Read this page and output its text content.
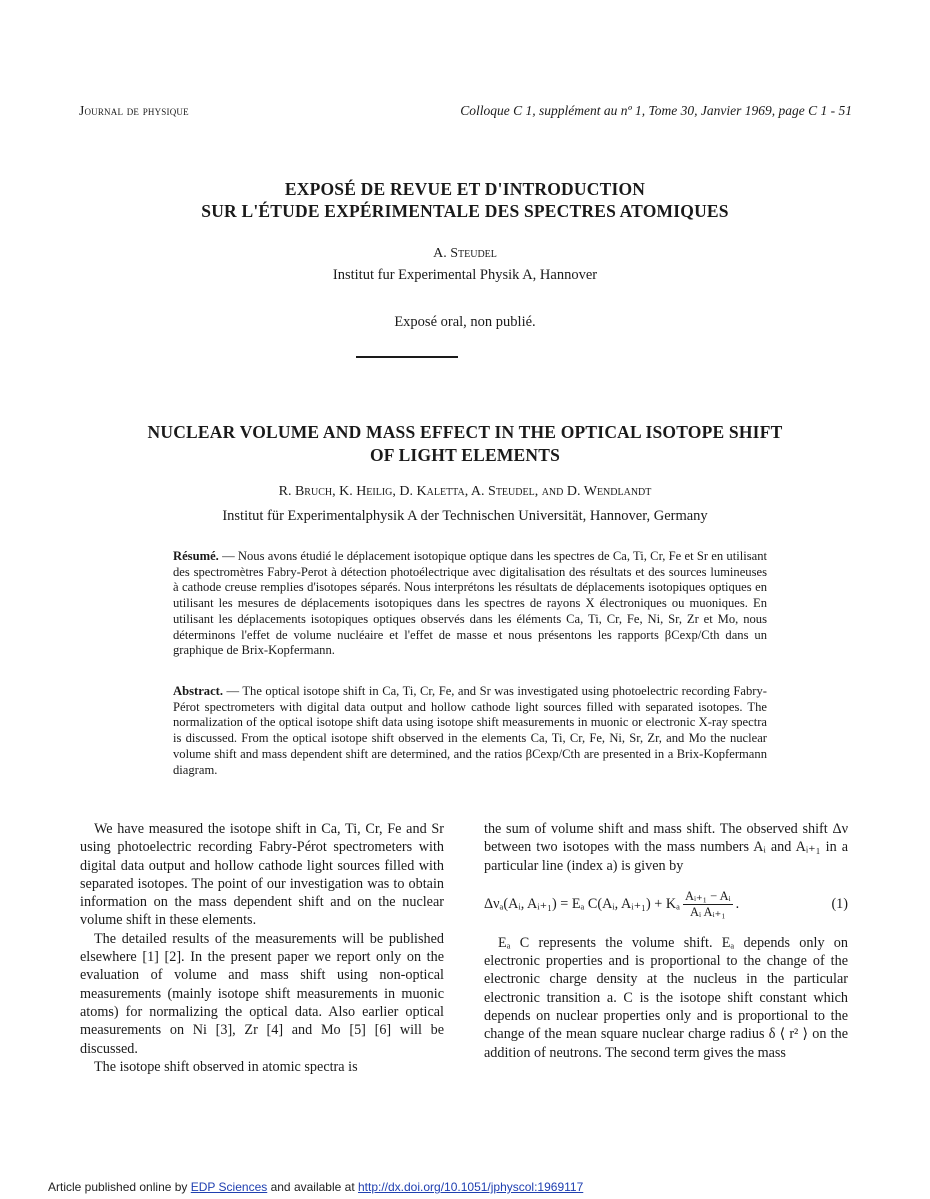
Journal de physique	Colloque C 1, supplément au nº 1, Tome 30, Janvier 1969, page C 1 - 51
EXPOSÉ DE REVUE ET D'INTRODUCTION
SUR L'ÉTUDE EXPÉRIMENTALE DES SPECTRES ATOMIQUES
A. Steudel
Institut fur Experimental Physik A, Hannover
Exposé oral, non publié.
NUCLEAR VOLUME AND MASS EFFECT IN THE OPTICAL ISOTOPE SHIFT
OF LIGHT ELEMENTS
R. Bruch, K. Heilig, D. Kaletta, A. Steudel, and D. Wendlandt
Institut für Experimentalphysik A der Technischen Universität, Hannover, Germany
Résumé. — Nous avons étudié le déplacement isotopique optique dans les spectres de Ca, Ti, Cr, Fe et Sr en utilisant des spectromètres Fabry-Perot à détection photoélectrique avec digitalisation des résultats et des sources lumineuses à cathode creuse remplies d'isotopes séparés. Nous interprétons les résultats de déplacements isotopiques optiques en utilisant les mesures de déplacements isotopiques dans les spectres de rayons X électroniques ou muoniques. En utilisant les déplacements isotopiques optiques observés dans les éléments Ca, Ti, Cr, Fe, Ni, Sr, Zr et Mo, nous déterminons l'effet de volume nucléaire et l'effet de masse et nous présentons les rapports βCexp/Cth dans un graphique de Brix-Kopfermann.
Abstract. — The optical isotope shift in Ca, Ti, Cr, Fe, and Sr was investigated using photoelectric recording Fabry-Pérot spectrometers with digital data output and hollow cathode light sources filled with separated isotopes. The normalization of the optical isotope shift data using isotope shift measurements in muonic or electronic X-ray spectra is discussed. From the optical isotope shift observed in the elements Ca, Ti, Cr, Fe, Ni, Sr, Zr, and Mo the nuclear volume shift and mass dependent shift are determined, and the ratios βCexp/Cth are presented in a Brix-Kopfermann diagram.

We have measured the isotope shift in Ca, Ti, Cr, Fe and Sr using photoelectric recording Fabry-Pérot spectrometers with digital data output and hollow cathode light sources filled with separated isotopes. The point of our investigation was to obtain information on the mass dependent shift and on the nuclear volume shift in these elements.

The detailed results of the measurements will be published elsewhere [1] [2]. In the present paper we report only on the evaluation of volume and mass shift using non-optical measurements (mainly isotope shift measurements in muonic atoms) for normalizing the optical data. Also earlier optical measurements on Ni [3], Zr [4] and Mo [5] [6] will be discussed.

The isotope shift observed in atomic spectra is

the sum of volume shift and mass shift. The observed shift Δν between two isotopes with the mass numbers Aᵢ and Aᵢ₊₁ in a particular line (index a) is given by

Δνₐ(Aᵢ, Aᵢ₊₁) = Eₐ C(Aᵢ, Aᵢ₊₁) + Kₐ $\frac{\text{Aᵢ₊₁ − Aᵢ}}{\text{Aᵢ Aᵢ₊₁}}$ .	(1)

Eₐ C represents the volume shift. Eₐ depends only on electronic properties and is proportional to the change of the electronic charge density at the nucleus in the particular electronic transition a. C is the isotope shift constant which depends on nuclear properties only and is proportional to the change of the mean square nuclear charge radius δ ⟨ r² ⟩ on the addition of neutrons. The second term gives the mass

Article published online by EDP Sciences and available at http://dx.doi.org/10.1051/jphyscol:1969117
